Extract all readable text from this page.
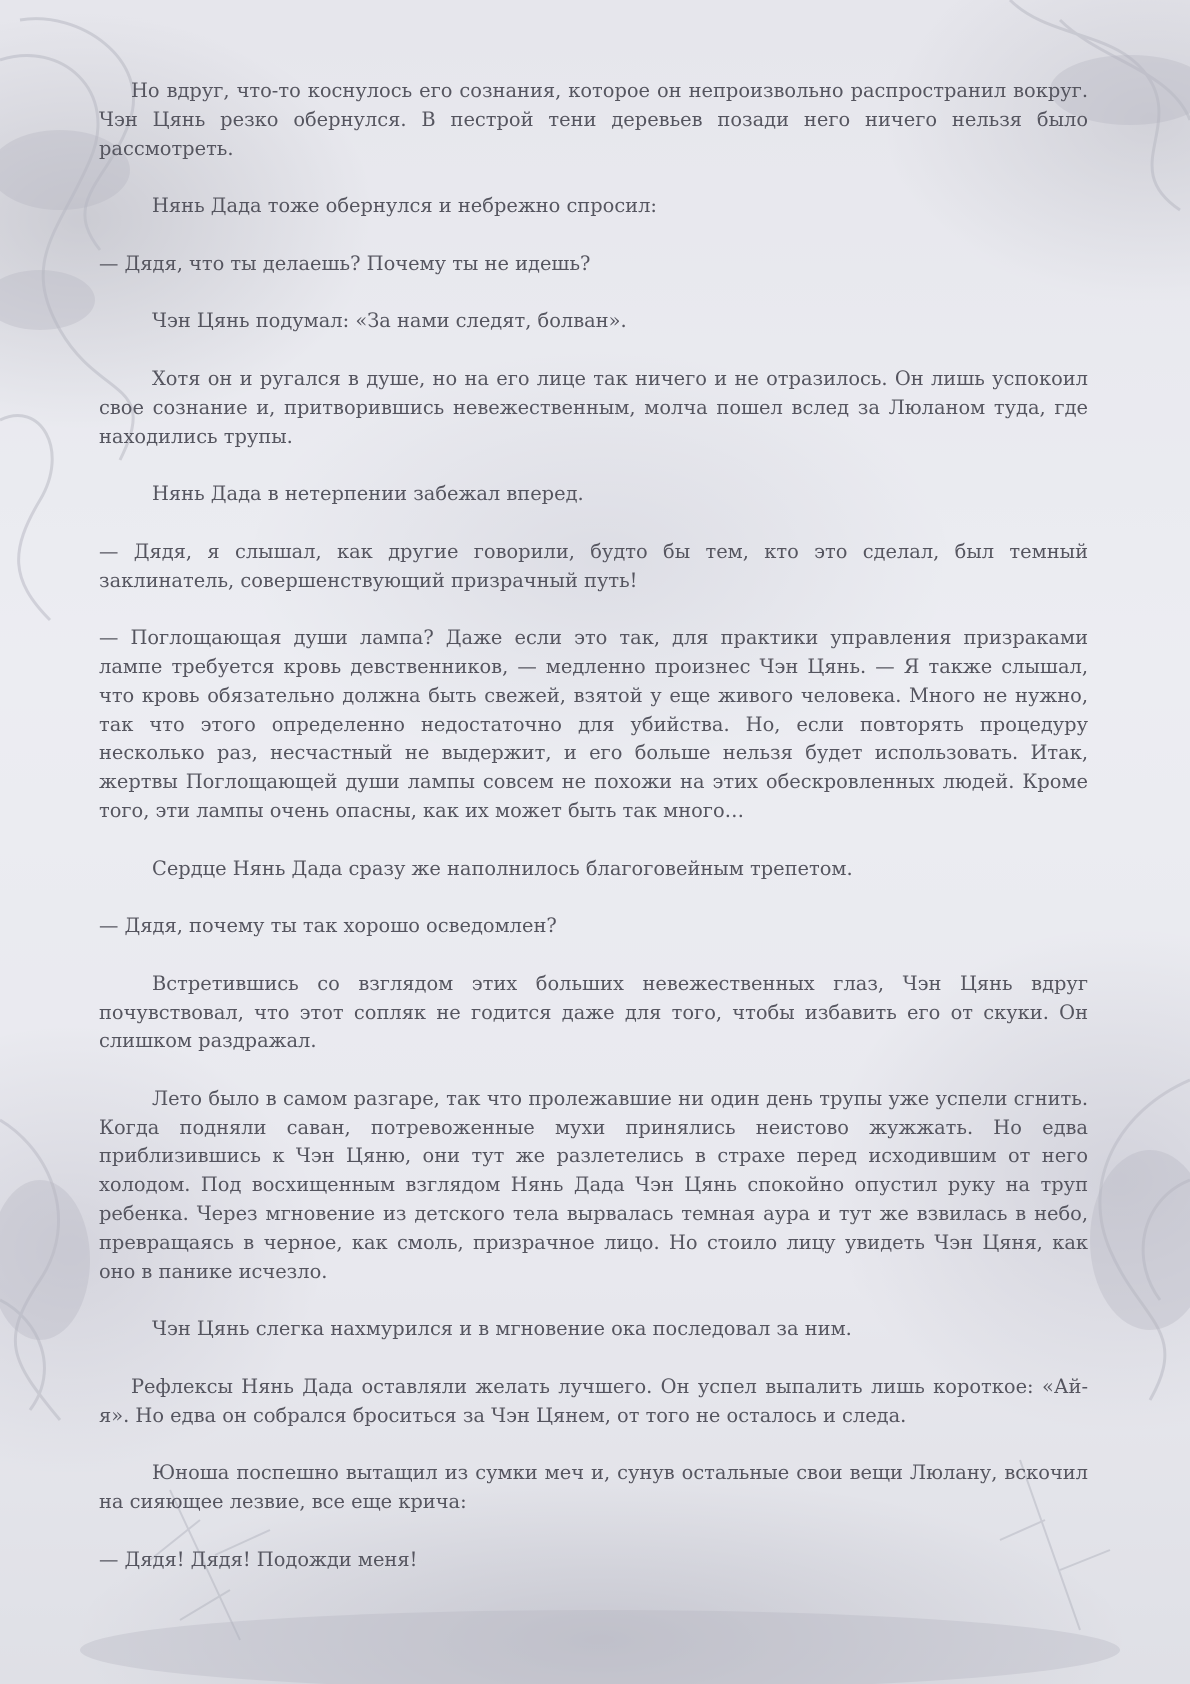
Но вдруг, что-то коснулось его сознания, которое он непроизвольно распространил вокруг. Чэн Цянь резко обернулся. В пестрой тени деревьев позади него ничего нельзя было рассмотреть.

Нянь Дада тоже обернулся и небрежно спросил:

— Дядя, что ты делаешь? Почему ты не идешь?

Чэн Цянь подумал: «За нами следят, болван».

Хотя он и ругался в душе, но на его лице так ничего и не отразилось. Он лишь успокоил свое сознание и, притворившись невежественным, молча пошел вслед за Люланом туда, где находились трупы.

Нянь Дада в нетерпении забежал вперед.

— Дядя, я слышал, как другие говорили, будто бы тем, кто это сделал, был темный заклинатель, совершенствующий призрачный путь!

— Поглощающая души лампа? Даже если это так, для практики управления призраками лампе требуется кровь девственников, — медленно произнес Чэн Цянь. — Я также слышал, что кровь обязательно должна быть свежей, взятой у еще живого человека. Много не нужно, так что этого определенно недостаточно для убийства. Но, если повторять процедуру несколько раз, несчастный не выдержит, и его больше нельзя будет использовать. Итак, жертвы Поглощающей души лампы совсем не похожи на этих обескровленных людей. Кроме того, эти лампы очень опасны, как их может быть так много…

Сердце Нянь Дада сразу же наполнилось благоговейным трепетом.

— Дядя, почему ты так хорошо осведомлен?

Встретившись со взглядом этих больших невежественных глаз, Чэн Цянь вдруг почувствовал, что этот сопляк не годится даже для того, чтобы избавить его от скуки. Он слишком раздражал.

Лето было в самом разгаре, так что пролежавшие ни один день трупы уже успели сгнить. Когда подняли саван, потревоженные мухи принялись неистово жужжать. Но едва приблизившись к Чэн Цяню, они тут же разлетелись в страхе перед исходившим от него холодом. Под восхищенным взглядом Нянь Дада Чэн Цянь спокойно опустил руку на труп ребенка. Через мгновение из детского тела вырвалась темная аура и тут же взвилась в небо, превращаясь в черное, как смоль, призрачное лицо. Но стоило лицу увидеть Чэн Цяня, как оно в панике исчезло.

Чэн Цянь слегка нахмурился и в мгновение ока последовал за ним.

Рефлексы Нянь Дада оставляли желать лучшего. Он успел выпалить лишь короткое: «Ай-я». Но едва он собрался броситься за Чэн Цянем, от того не осталось и следа.

Юноша поспешно вытащил из сумки меч и, сунув остальные свои вещи Люлану, вскочил на сияющее лезвие, все еще крича:

— Дядя! Дядя! Подожди меня!
